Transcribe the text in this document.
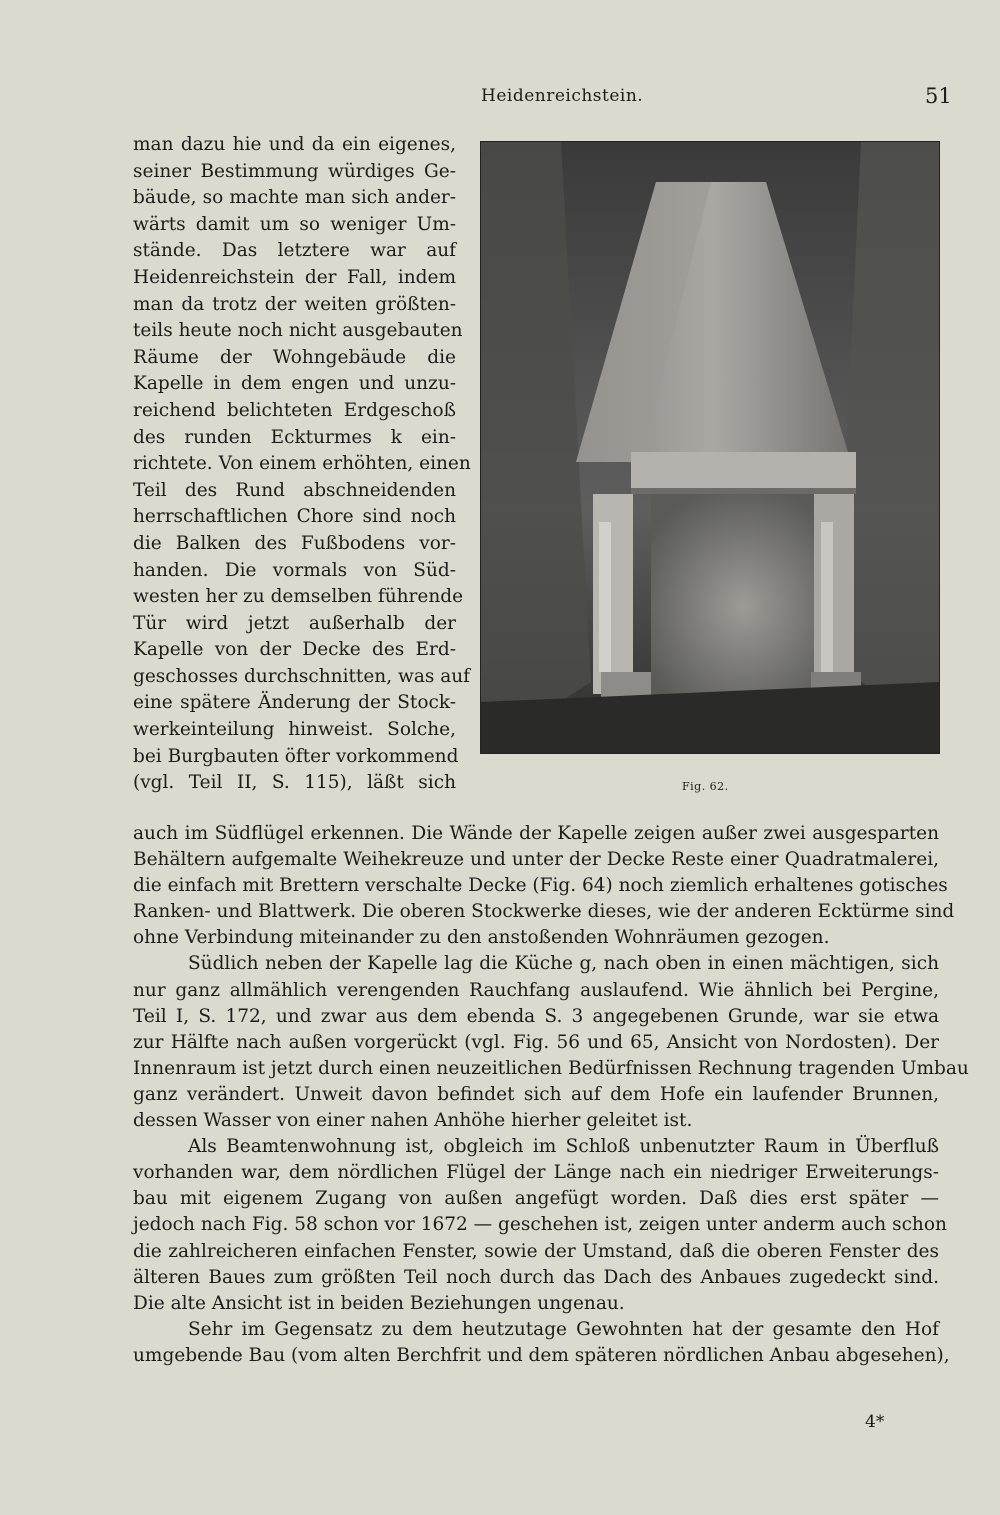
Heidenreichstein.	51
man dazu hie und da ein eigenes,
seiner Bestimmung würdiges Ge-
bäude, so machte man sich ander-
wärts damit um so weniger Um-
stände. Das letztere war auf
Heidenreichstein der Fall, indem
man da trotz der weiten größten-
teils heute noch nicht ausgebauten
Räume der Wohngebäude die
Kapelle in dem engen und unzu-
reichend belichteten Erdgeschoß
des runden Eckturmes k ein-
richtete. Von einem erhöhten, einen
Teil des Rund abschneidenden
herrschaftlichen Chore sind noch
die Balken des Fußbodens vor-
handen. Die vormals von Süd-
westen her zu demselben führende
Tür wird jetzt außerhalb der
Kapelle von der Decke des Erd-
geschosses durchschnitten, was auf
eine spätere Änderung der Stock-
werkeinteilung hinweist. Solche,
bei Burgbauten öfter vorkommend
(vgl. Teil II, S. 115), läßt sich	Fig. 62.
auch im Südflügel erkennen. Die Wände der Kapelle zeigen außer zwei ausgesparten
Behältern aufgemalte Weihekreuze und unter der Decke Reste einer Quadratmalerei,
die einfach mit Brettern verschalte Decke (Fig. 64) noch ziemlich erhaltenes gotisches
Ranken- und Blattwerk. Die oberen Stockwerke dieses, wie der anderen Ecktürme sind
ohne Verbindung miteinander zu den anstoßenden Wohnräumen gezogen.
Südlich neben der Kapelle lag die Küche g, nach oben in einen mächtigen, sich
nur ganz allmählich verengenden Rauchfang auslaufend. Wie ähnlich bei Pergine,
Teil I, S. 172, und zwar aus dem ebenda S. 3 angegebenen Grunde, war sie etwa
zur Hälfte nach außen vorgerückt (vgl. Fig. 56 und 65, Ansicht von Nordosten). Der
Innenraum ist jetzt durch einen neuzeitlichen Bedürfnissen Rechnung tragenden Umbau
ganz verändert. Unweit davon befindet sich auf dem Hofe ein laufender Brunnen,
dessen Wasser von einer nahen Anhöhe hierher geleitet ist.
Als Beamtenwohnung ist, obgleich im Schloß unbenutzter Raum in Überfluß
vorhanden war, dem nördlichen Flügel der Länge nach ein niedriger Erweiterungs-
bau mit eigenem Zugang von außen angefügt worden. Daß dies erst später —
jedoch nach Fig. 58 schon vor 1672 — geschehen ist, zeigen unter anderm auch schon
die zahlreicheren einfachen Fenster, sowie der Umstand, daß die oberen Fenster des
älteren Baues zum größten Teil noch durch das Dach des Anbaues zugedeckt sind.
Die alte Ansicht ist in beiden Beziehungen ungenau.
Sehr im Gegensatz zu dem heutzutage Gewohnten hat der gesamte den Hof
umgebende Bau (vom alten Berchfrit und dem späteren nördlichen Anbau abgesehen),
4*
